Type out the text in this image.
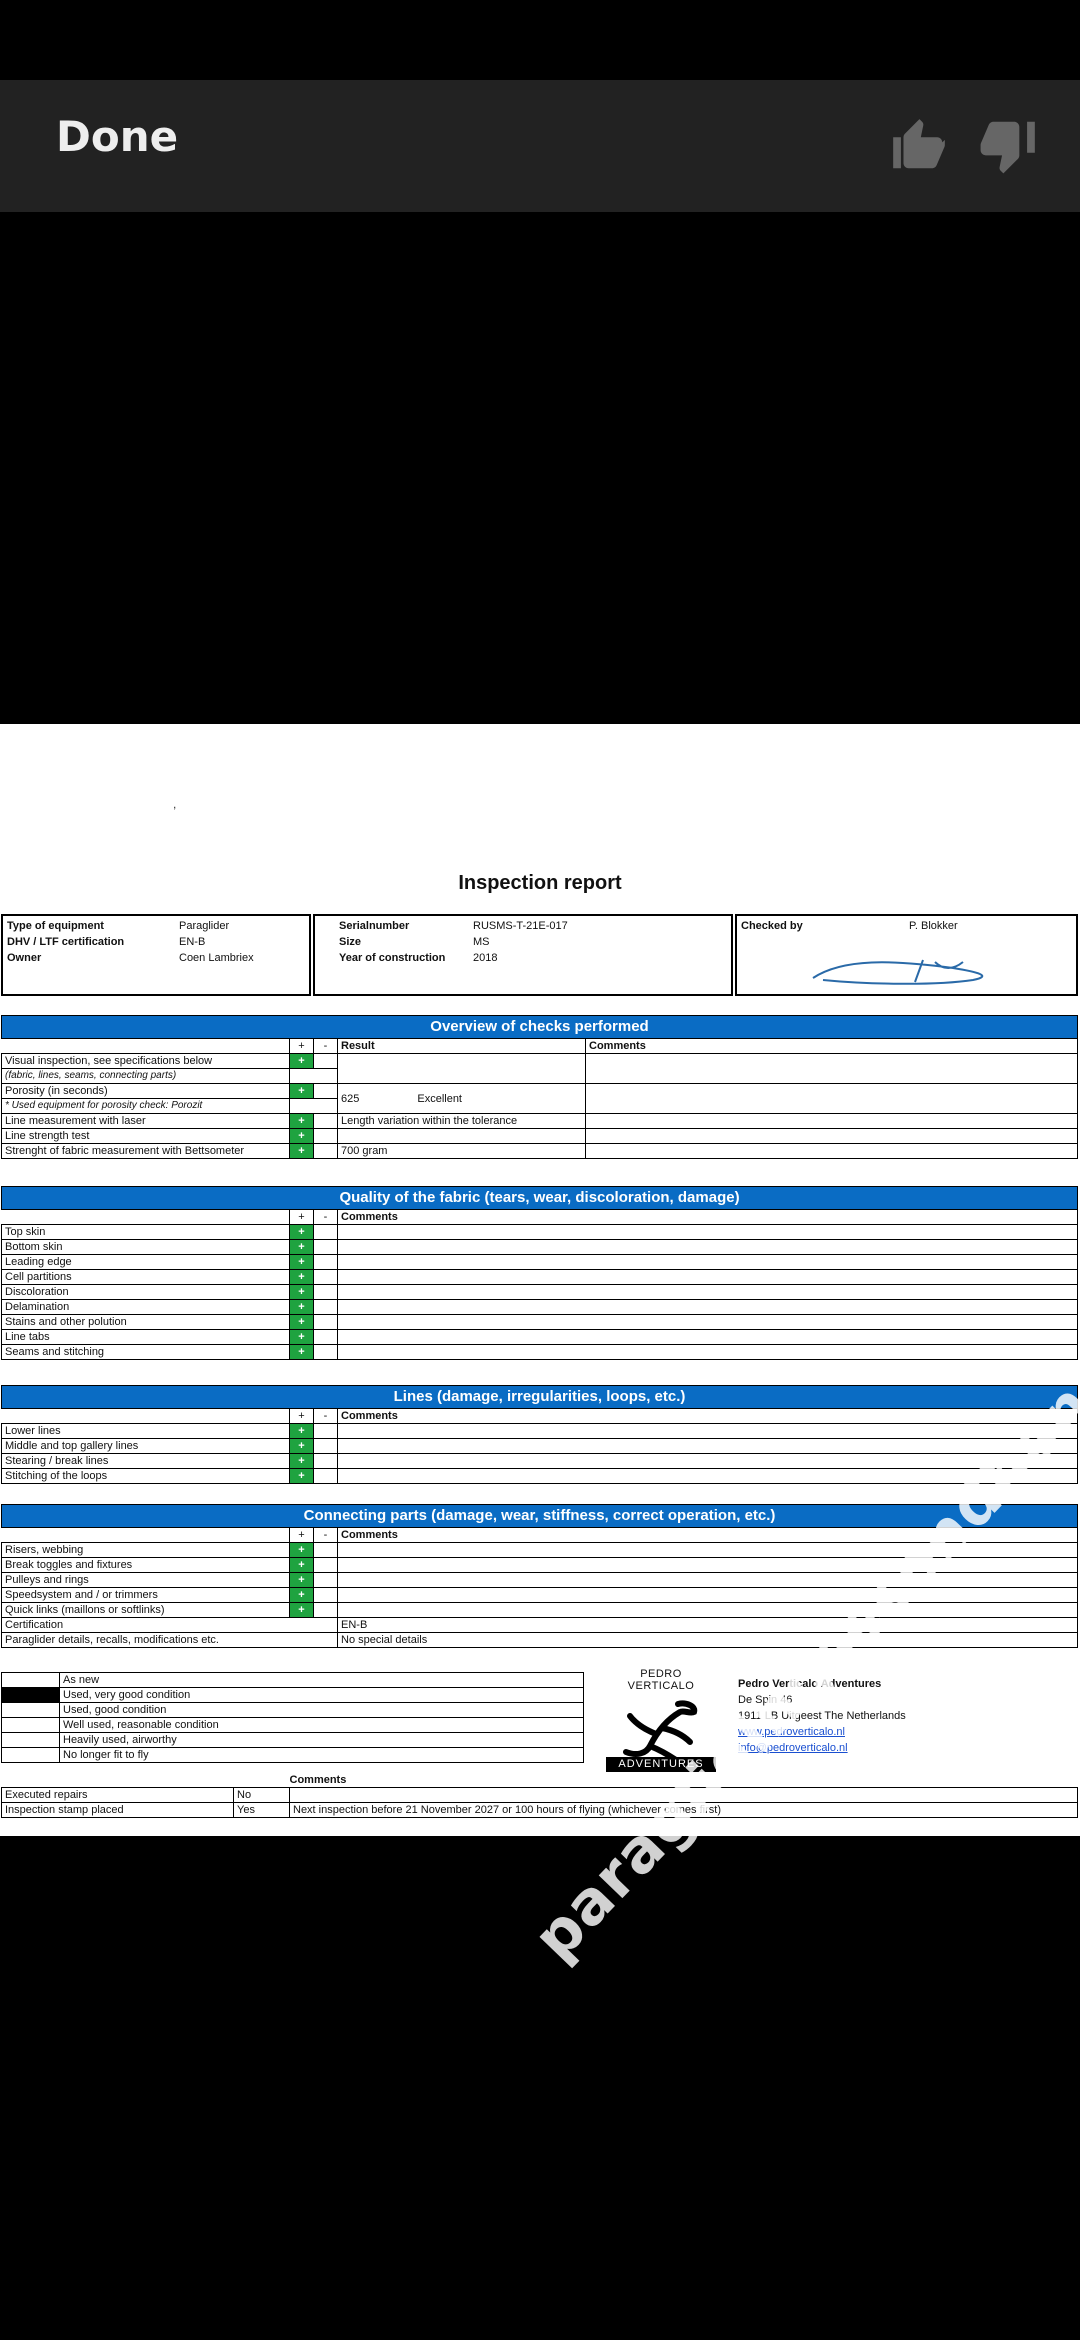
Done
,
Inspection report
Type of equipment	Paraglider
DHV / LTF certification	EN-B
Owner	Coen Lambriex
Serialnumber	RUSMS-T-21E-017
Size	MS
Year of construction	2018
Checked by	P. Blokker
Overview of checks performed				
	+	-	Result	Comments
Visual inspection, see specifications below	+			
(fabric, lines, seams, connecting parts)				
Porosity (in seconds)	+		625 Excellent	
* Used equipment for porosity check: Porozit				
Line measurement with laser	+		Length variation within the tolerance	
Line strength test	+			
Strenght of fabric measurement with Bettsometer	+		700 gram	
Quality of the fabric (tears, wear, discoloration, damage)			
	+	-	Comments
Top skin	+		
Bottom skin	+		
Leading edge	+		
Cell partitions	+		
Discoloration	+		
Delamination	+		
Stains and other polution	+		
Line tabs	+		
Seams and stitching	+		
Lines (damage, irregularities, loops, etc.)			
	+	-	Comments
Lower lines	+		
Middle and top gallery lines	+		
Stearing / break lines	+		
Stitching of the loops	+		
Connecting parts (damage, wear, stiffness, correct operation, etc.)			
	+	-	Comments
Risers, webbing	+		
Break toggles and fixtures	+		
Pulleys and rings	+		
Speedsystem and / or trimmers	+		
Quick links (maillons or softlinks)	+		
Certification			EN-B
Paraglider details, recalls, modifications etc.			No special details
	As new
	Used, very good condition
	Used, good condition
	Well used, reasonable condition
	Heavily used, airworthy
	No longer fit to fly
PEDRO VERTICALO
ADVENTURES
Pedro Verticalo Adventures
De Spin 46
1911 LB Uitgeest The Netherlands
www.pedroverticalo.nl
info@pedroverticalo.nl
		Comments
Executed repairs	No	
Inspection stamp placed	Yes	Next inspection before 21 November 2027 or 100 hours of flying (whichever comes first)
